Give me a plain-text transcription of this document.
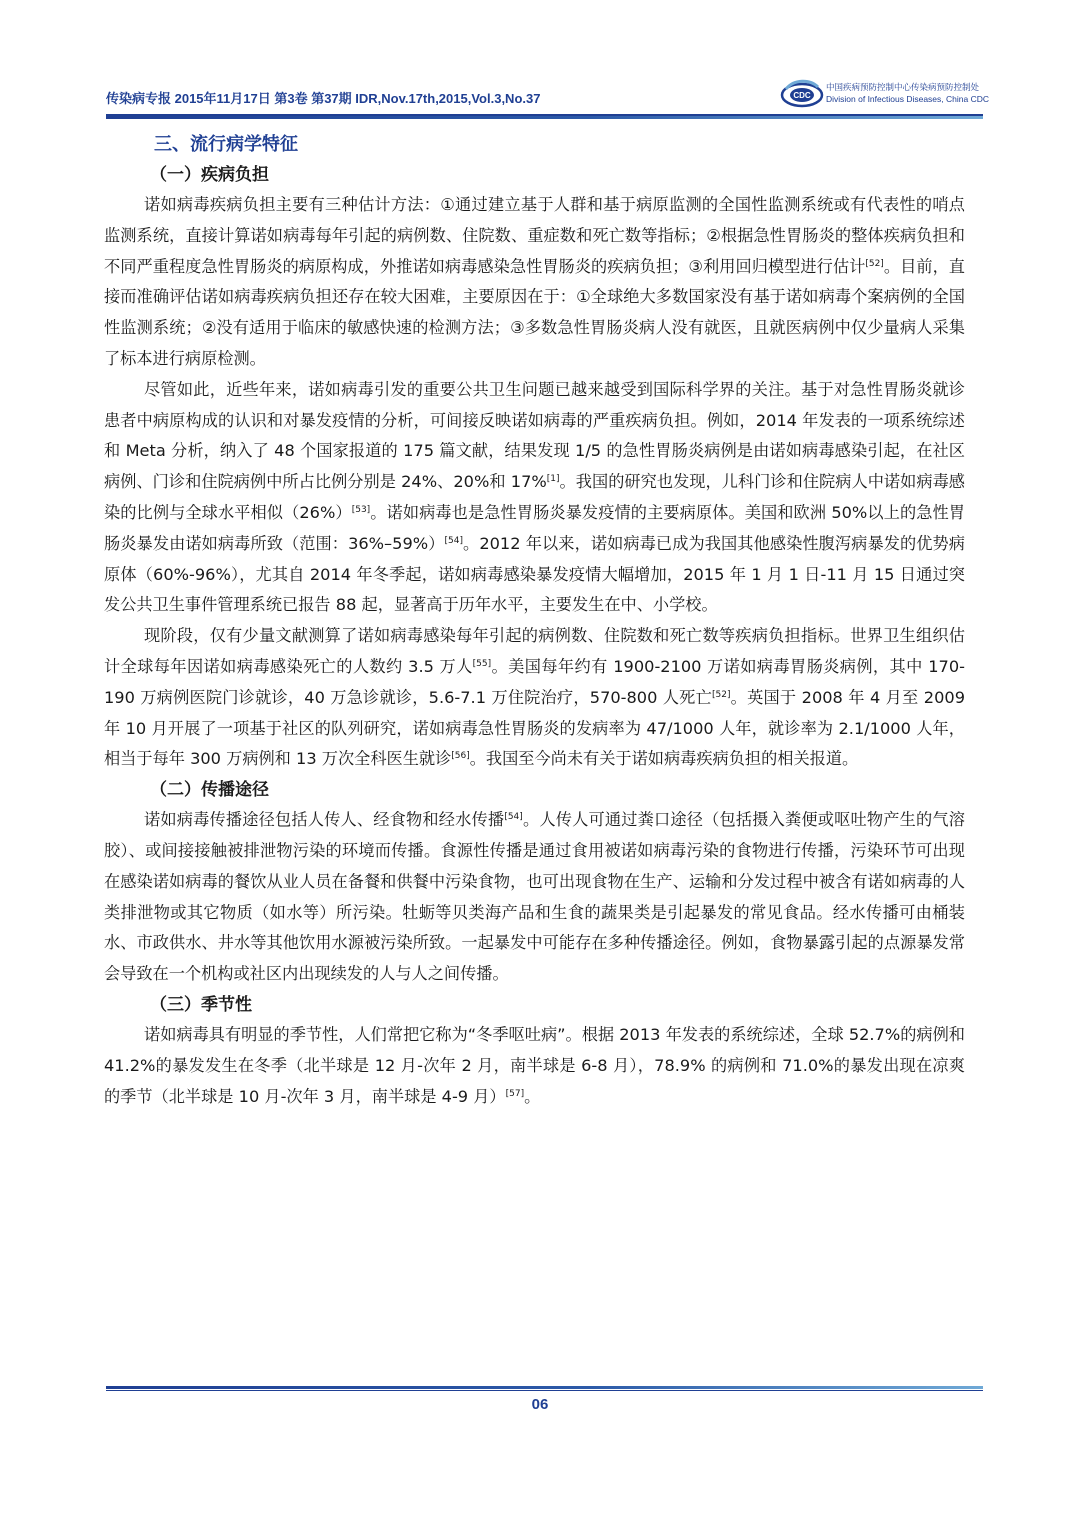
传染病专报 2015年11月17日 第3卷 第37期 IDR,Nov.17th,2015,Vol.3,No.37	CDC
中国疾病预防控制中心传染病预防控制处
Division of Infectious Diseases, China CDC
三、流行病学特征
（一）疾病负担

诺如病毒疾病负担主要有三种估计方法：①通过建立基于人群和基于病原监测的全国性监测系统或有代表性的哨点监测系统，直接计算诺如病毒每年引起的病例数、住院数、重症数和死亡数等指标；②根据急性胃肠炎的整体疾病负担和不同严重程度急性胃肠炎的病原构成，外推诺如病毒感染急性胃肠炎的疾病负担；③利用回归模型进行估计[52]。目前，直接而准确评估诺如病毒疾病负担还存在较大困难，主要原因在于：①全球绝大多数国家没有基于诺如病毒个案病例的全国性监测系统；②没有适用于临床的敏感快速的检测方法；③多数急性胃肠炎病人没有就医，且就医病例中仅少量病人采集了标本进行病原检测。

尽管如此，近些年来，诺如病毒引发的重要公共卫生问题已越来越受到国际科学界的关注。基于对急性胃肠炎就诊患者中病原构成的认识和对暴发疫情的分析，可间接反映诺如病毒的严重疾病负担。例如，2014 年发表的一项系统综述和 Meta 分析，纳入了 48 个国家报道的 175 篇文献，结果发现 1/5 的急性胃肠炎病例是由诺如病毒感染引起，在社区病例、门诊和住院病例中所占比例分别是 24%、20%和 17%[1]。我国的研究也发现，儿科门诊和住院病人中诺如病毒感染的比例与全球水平相似（26%）[53]。诺如病毒也是急性胃肠炎暴发疫情的主要病原体。美国和欧洲 50%以上的急性胃肠炎暴发由诺如病毒所致（范围：36%–59%）[54]。2012 年以来，诺如病毒已成为我国其他感染性腹泻病暴发的优势病原体（60%-96%），尤其自 2014 年冬季起，诺如病毒感染暴发疫情大幅增加，2015 年 1 月 1 日-11 月 15 日通过突发公共卫生事件管理系统已报告 88 起，显著高于历年水平，主要发生在中、小学校。

现阶段，仅有少量文献测算了诺如病毒感染每年引起的病例数、住院数和死亡数等疾病负担指标。世界卫生组织估计全球每年因诺如病毒感染死亡的人数约 3.5 万人[55]。美国每年约有 1900-2100 万诺如病毒胃肠炎病例，其中 170-190 万病例医院门诊就诊，40 万急诊就诊，5.6-7.1 万住院治疗，570-800 人死亡[52]。英国于 2008 年 4 月至 2009 年 10 月开展了一项基于社区的队列研究，诺如病毒急性胃肠炎的发病率为 47/1000 人年，就诊率为 2.1/1000 人年，相当于每年 300 万病例和 13 万次全科医生就诊[56]。我国至今尚未有关于诺如病毒疾病负担的相关报道。

（二）传播途径

诺如病毒传播途径包括人传人、经食物和经水传播[54]。人传人可通过粪口途径（包括摄入粪便或呕吐物产生的气溶胶）、或间接接触被排泄物污染的环境而传播。食源性传播是通过食用被诺如病毒污染的食物进行传播，污染环节可出现在感染诺如病毒的餐饮从业人员在备餐和供餐中污染食物，也可出现食物在生产、运输和分发过程中被含有诺如病毒的人类排泄物或其它物质（如水等）所污染。牡蛎等贝类海产品和生食的蔬果类是引起暴发的常见食品。经水传播可由桶装水、市政供水、井水等其他饮用水源被污染所致。一起暴发中可能存在多种传播途径。例如，食物暴露引起的点源暴发常会导致在一个机构或社区内出现续发的人与人之间传播。

（三）季节性

诺如病毒具有明显的季节性，人们常把它称为“冬季呕吐病”。根据 2013 年发表的系统综述，全球 52.7%的病例和 41.2%的暴发发生在冬季（北半球是 12 月-次年 2 月，南半球是 6-8 月），78.9% 的病例和 71.0%的暴发出现在凉爽的季节（北半球是 10 月-次年 3 月，南半球是 4-9 月）[57]。

06
